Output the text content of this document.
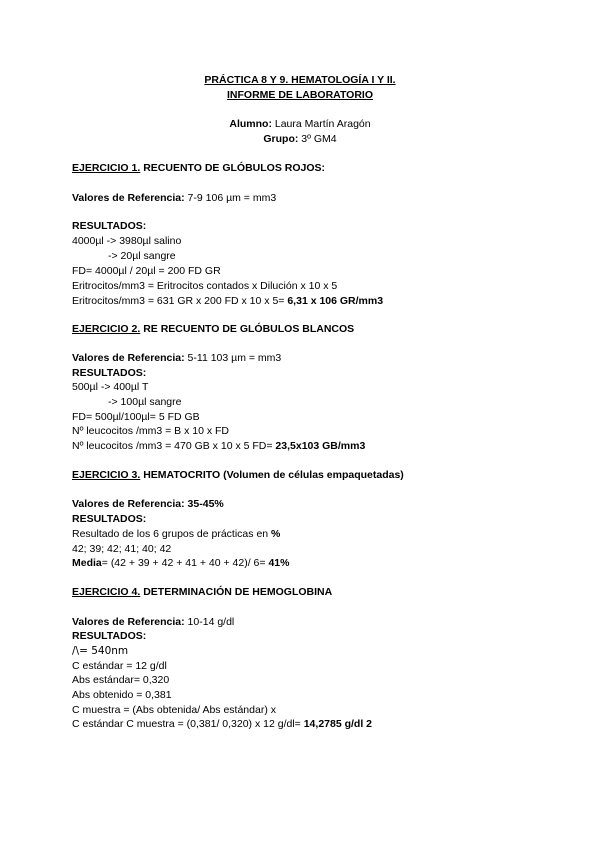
PRÁCTICA 8 Y 9. HEMATOLOGÍA I Y II.
INFORME DE LABORATORIO
Alumno: Laura Martín Aragón
Grupo: 3º GM4
EJERCICIO 1. RECUENTO DE GLÓBULOS ROJOS:
Valores de Referencia: 7-9 106 µm = mm3
RESULTADOS:
4000µl -> 3980µl salino
-> 20µl sangre
FD= 4000µl / 20µl = 200 FD GR
Eritrocitos/mm3 = Eritrocitos contados x Dilución x 10 x 5
Eritrocitos/mm3 = 631 GR x 200 FD x 10 x 5= 6,31 x 106 GR/mm3
EJERCICIO 2. RE RECUENTO DE GLÓBULOS BLANCOS
Valores de Referencia: 5-11 103 µm = mm3
RESULTADOS:
500µl -> 400µl T
-> 100µl sangre
FD= 500µl/100µl= 5 FD GB
Nº leucocitos /mm3 = B x 10 x FD
Nº leucocitos /mm3 = 470 GB x 10 x 5 FD= 23,5x103 GB/mm3
EJERCICIO 3. HEMATOCRITO (Volumen de células empaquetadas)
Valores de Referencia: 35-45%
RESULTADOS:
Resultado de los 6 grupos de prácticas en %
42; 39; 42; 41; 40; 42
Media= (42 + 39 + 42 + 41 + 40 + 42)/ 6= 41%
EJERCICIO 4. DETERMINACIÓN DE HEMOGLOBINA
Valores de Referencia: 10-14 g/dl
RESULTADOS:
/\= 540nm
C estándar = 12 g/dl
Abs estándar= 0,320
Abs obtenido = 0,381
C muestra = (Abs obtenida/ Abs estándar) x
C estándar C muestra = (0,381/ 0,320) x 12 g/dl= 14,2785 g/dl 2
